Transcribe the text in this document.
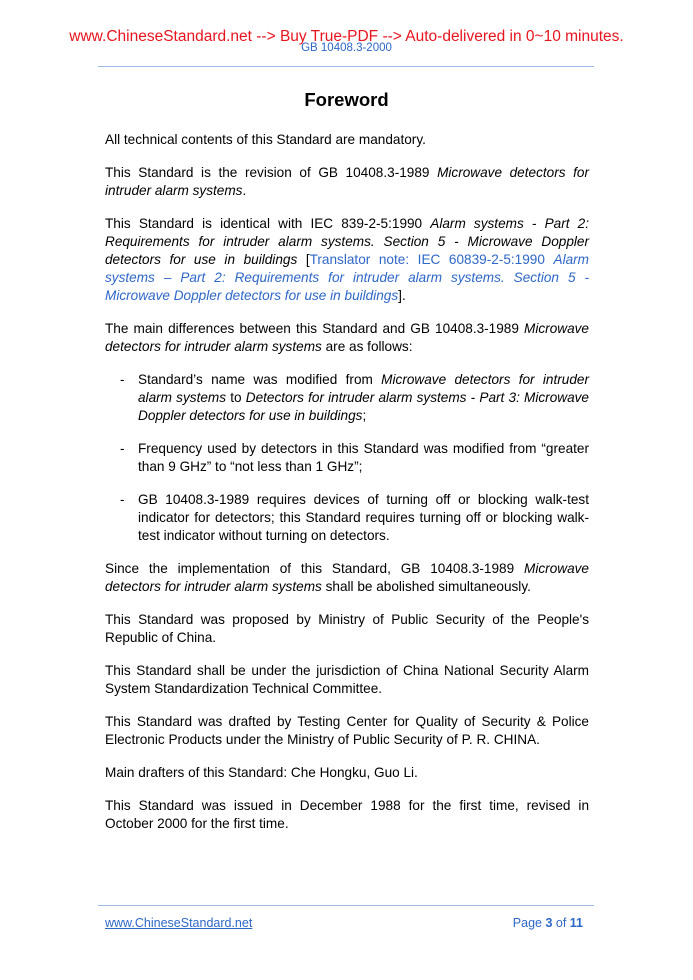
www.ChineseStandard.net --> Buy True-PDF --> Auto-delivered in 0~10 minutes.
GB 10408.3-2000
Foreword

All technical contents of this Standard are mandatory.

This Standard is the revision of GB 10408.3-1989 Microwave detectors for intruder alarm systems.

This Standard is identical with IEC 839-2-5:1990 Alarm systems - Part 2: Requirements for intruder alarm systems. Section 5 - Microwave Doppler detectors for use in buildings [Translator note: IEC 60839-2-5:1990 Alarm systems – Part 2: Requirements for intruder alarm systems. Section 5 - Microwave Doppler detectors for use in buildings].

The main differences between this Standard and GB 10408.3-1989 Microwave detectors for intruder alarm systems are as follows:

- Standard’s name was modified from Microwave detectors for intruder alarm systems to Detectors for intruder alarm systems - Part 3: Microwave Doppler detectors for use in buildings;
- Frequency used by detectors in this Standard was modified from “greater than 9 GHz” to “not less than 1 GHz”;
- GB 10408.3-1989 requires devices of turning off or blocking walk-test indicator for detectors; this Standard requires turning off or blocking walk-test indicator without turning on detectors.

Since the implementation of this Standard, GB 10408.3-1989 Microwave detectors for intruder alarm systems shall be abolished simultaneously.

This Standard was proposed by Ministry of Public Security of the People's Republic of China.

This Standard shall be under the jurisdiction of China National Security Alarm System Standardization Technical Committee.

This Standard was drafted by Testing Center for Quality of Security & Police Electronic Products under the Ministry of Public Security of P. R. CHINA.

Main drafters of this Standard: Che Hongku, Guo Li.

This Standard was issued in December 1988 for the first time, revised in October 2000 for the first time.

www.ChineseStandard.net	Page 3 of 11
